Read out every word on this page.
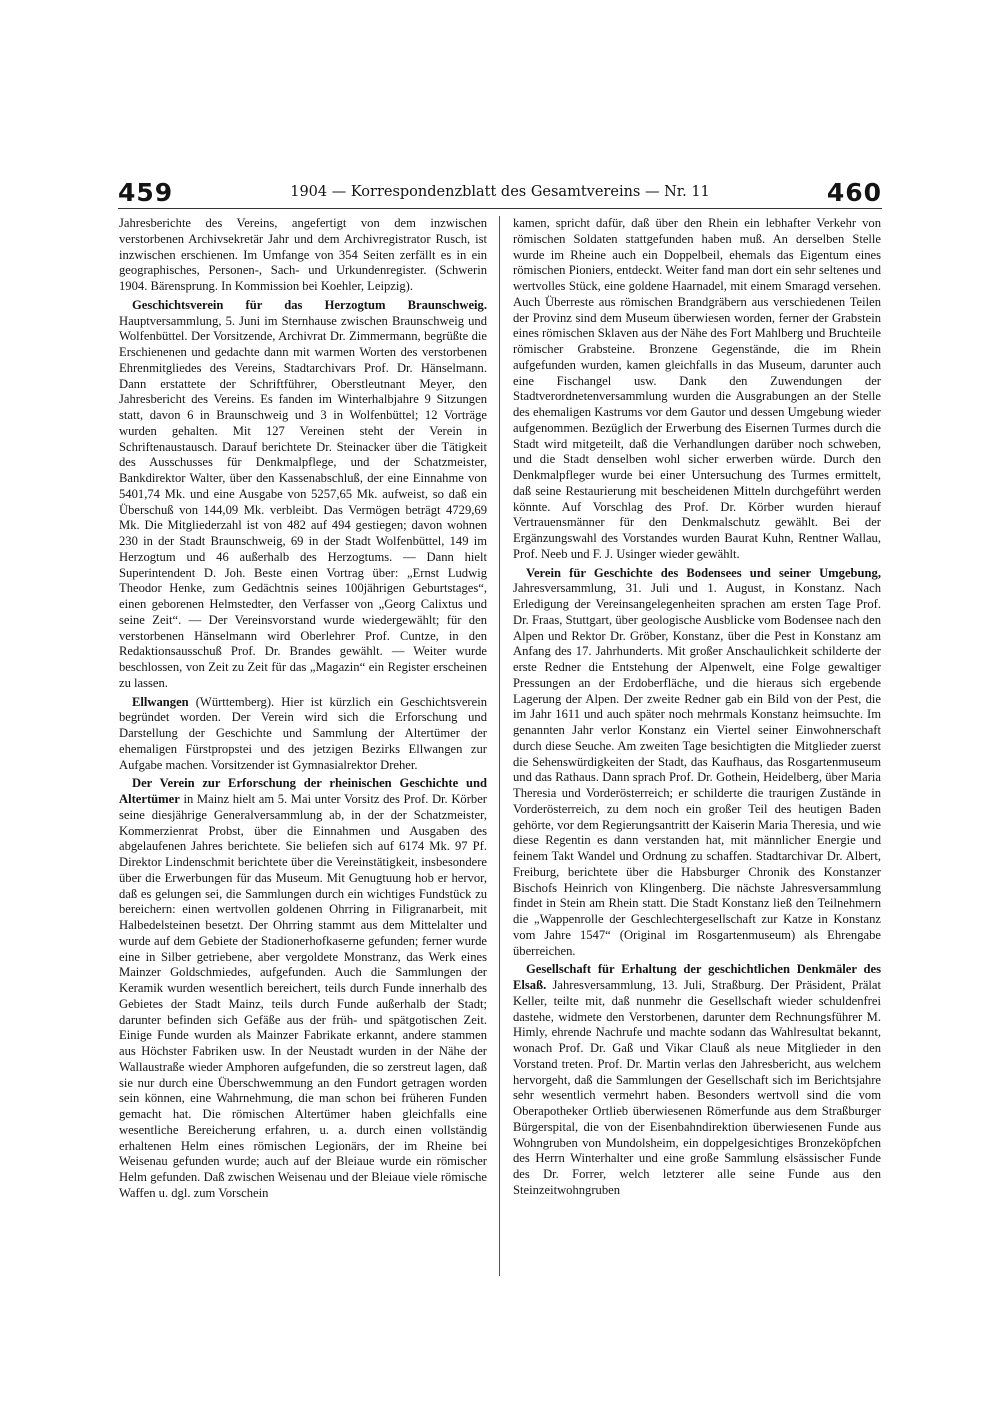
459	1904 — Korrespondenzblatt des Gesamtvereins — Nr. 11	460

Jahresberichte des Vereins, angefertigt von dem inzwischen verstorbenen Archivsekretär Jahr und dem Archivregistrator Rusch, ist inzwischen erschienen. Im Umfange von 354 Seiten zerfällt es in ein geographisches, Personen-, Sach- und Urkundenregister. (Schwerin 1904. Bärensprung. In Kommission bei Koehler, Leipzig).

Geschichtsverein für das Herzogtum Braunschweig. Hauptversammlung, 5. Juni im Sternhause zwischen Braunschweig und Wolfenbüttel. Der Vorsitzende, Archivrat Dr. Zimmermann, begrüßte die Erschienenen und gedachte dann mit warmen Worten des verstorbenen Ehrenmitgliedes des Vereins, Stadtarchivars Prof. Dr. Hänselmann. Dann erstattete der Schriftführer, Oberstleutnant Meyer, den Jahresbericht des Vereins. Es fanden im Winterhalbjahre 9 Sitzungen statt, davon 6 in Braunschweig und 3 in Wolfenbüttel; 12 Vorträge wurden gehalten. Mit 127 Vereinen steht der Verein in Schriftenaustausch. Darauf berichtete Dr. Steinacker über die Tätigkeit des Ausschusses für Denkmalpflege, und der Schatzmeister, Bankdirektor Walter, über den Kassenabschluß, der eine Einnahme von 5401,74 Mk. und eine Ausgabe von 5257,65 Mk. aufweist, so daß ein Überschuß von 144,09 Mk. verbleibt. Das Vermögen beträgt 4729,69 Mk. Die Mitgliederzahl ist von 482 auf 494 gestiegen; davon wohnen 230 in der Stadt Braunschweig, 69 in der Stadt Wolfenbüttel, 149 im Herzogtum und 46 außerhalb des Herzogtums. — Dann hielt Superintendent D. Joh. Beste einen Vortrag über: „Ernst Ludwig Theodor Henke, zum Gedächtnis seines 100jährigen Geburtstages“, einen geborenen Helmstedter, den Verfasser von „Georg Calixtus und seine Zeit“. — Der Vereinsvorstand wurde wiedergewählt; für den verstorbenen Hänselmann wird Oberlehrer Prof. Cuntze, in den Redaktionsausschuß Prof. Dr. Brandes gewählt. — Weiter wurde beschlossen, von Zeit zu Zeit für das „Magazin“ ein Register erscheinen zu lassen.

Ellwangen (Württemberg). Hier ist kürzlich ein Geschichtsverein begründet worden. Der Verein wird sich die Erforschung und Darstellung der Geschichte und Sammlung der Altertümer der ehemaligen Fürstpropstei und des jetzigen Bezirks Ellwangen zur Aufgabe machen. Vorsitzender ist Gymnasialrektor Dreher.

Der Verein zur Erforschung der rheinischen Geschichte und Altertümer in Mainz hielt am 5. Mai unter Vorsitz des Prof. Dr. Körber seine diesjährige Generalversammlung ab, in der der Schatzmeister, Kommerzienrat Probst, über die Einnahmen und Ausgaben des abgelaufenen Jahres berichtete. Sie beliefen sich auf 6174 Mk. 97 Pf. Direktor Lindenschmit berichtete über die Vereinstätigkeit, insbesondere über die Erwerbungen für das Museum. Mit Genugtuung hob er hervor, daß es gelungen sei, die Sammlungen durch ein wichtiges Fundstück zu bereichern: einen wertvollen goldenen Ohrring in Filigranarbeit, mit Halbedelsteinen besetzt. Der Ohrring stammt aus dem Mittelalter und wurde auf dem Gebiete der Stadionerhofkaserne gefunden; ferner wurde eine in Silber getriebene, aber vergoldete Monstranz, das Werk eines Mainzer Goldschmiedes, aufgefunden. Auch die Sammlungen der Keramik wurden wesentlich bereichert, teils durch Funde innerhalb des Gebietes der Stadt Mainz, teils durch Funde außerhalb der Stadt; darunter befinden sich Gefäße aus der früh- und spätgotischen Zeit. Einige Funde wurden als Mainzer Fabrikate erkannt, andere stammen aus Höchster Fabriken usw. In der Neustadt wurden in der Nähe der Wallaustraße wieder Amphoren aufgefunden, die so zerstreut lagen, daß sie nur durch eine Überschwemmung an den Fundort getragen worden sein können, eine Wahrnehmung, die man schon bei früheren Funden gemacht hat. Die römischen Altertümer haben gleichfalls eine wesentliche Bereicherung erfahren, u. a. durch einen vollständig erhaltenen Helm eines römischen Legionärs, der im Rheine bei Weisenau gefunden wurde; auch auf der Bleiaue wurde ein römischer Helm gefunden. Daß zwischen Weisenau und der Bleiaue viele römische Waffen u. dgl. zum Vorschein

kamen, spricht dafür, daß über den Rhein ein lebhafter Verkehr von römischen Soldaten stattgefunden haben muß. An derselben Stelle wurde im Rheine auch ein Doppelbeil, ehemals das Eigentum eines römischen Pioniers, entdeckt. Weiter fand man dort ein sehr seltenes und wertvolles Stück, eine goldene Haarnadel, mit einem Smaragd versehen. Auch Überreste aus römischen Brandgräbern aus verschiedenen Teilen der Provinz sind dem Museum überwiesen worden, ferner der Grabstein eines römischen Sklaven aus der Nähe des Fort Mahlberg und Bruchteile römischer Grabsteine. Bronzene Gegenstände, die im Rhein aufgefunden wurden, kamen gleichfalls in das Museum, darunter auch eine Fischangel usw. Dank den Zuwendungen der Stadtverordnetenversammlung wurden die Ausgrabungen an der Stelle des ehemaligen Kastrums vor dem Gautor und dessen Umgebung wieder aufgenommen. Bezüglich der Erwerbung des Eisernen Turmes durch die Stadt wird mitgeteilt, daß die Verhandlungen darüber noch schweben, und die Stadt denselben wohl sicher erwerben würde. Durch den Denkmalpfleger wurde bei einer Untersuchung des Turmes ermittelt, daß seine Restaurierung mit bescheidenen Mitteln durchgeführt werden könnte. Auf Vorschlag des Prof. Dr. Körber wurden hierauf Vertrauensmänner für den Denkmalschutz gewählt. Bei der Ergänzungswahl des Vorstandes wurden Baurat Kuhn, Rentner Wallau, Prof. Neeb und F. J. Usinger wieder gewählt.

Verein für Geschichte des Bodensees und seiner Umgebung, Jahresversammlung, 31. Juli und 1. August, in Konstanz. Nach Erledigung der Vereinsangelegenheiten sprachen am ersten Tage Prof. Dr. Fraas, Stuttgart, über geologische Ausblicke vom Bodensee nach den Alpen und Rektor Dr. Gröber, Konstanz, über die Pest in Konstanz am Anfang des 17. Jahrhunderts. Mit großer Anschaulichkeit schilderte der erste Redner die Entstehung der Alpenwelt, eine Folge gewaltiger Pressungen an der Erdoberfläche, und die hieraus sich ergebende Lagerung der Alpen. Der zweite Redner gab ein Bild von der Pest, die im Jahr 1611 und auch später noch mehrmals Konstanz heimsuchte. Im genannten Jahr verlor Konstanz ein Viertel seiner Einwohnerschaft durch diese Seuche. Am zweiten Tage besichtigten die Mitglieder zuerst die Sehenswürdigkeiten der Stadt, das Kaufhaus, das Rosgartenmuseum und das Rathaus. Dann sprach Prof. Dr. Gothein, Heidelberg, über Maria Theresia und Vorderösterreich; er schilderte die traurigen Zustände in Vorderösterreich, zu dem noch ein großer Teil des heutigen Baden gehörte, vor dem Regierungsantritt der Kaiserin Maria Theresia, und wie diese Regentin es dann verstanden hat, mit männlicher Energie und feinem Takt Wandel und Ordnung zu schaffen. Stadtarchivar Dr. Albert, Freiburg, berichtete über die Habsburger Chronik des Konstanzer Bischofs Heinrich von Klingenberg. Die nächste Jahresversammlung findet in Stein am Rhein statt. Die Stadt Konstanz ließ den Teilnehmern die „Wappenrolle der Geschlechtergesellschaft zur Katze in Konstanz vom Jahre 1547“ (Original im Rosgartenmuseum) als Ehrengabe überreichen.

Gesellschaft für Erhaltung der geschichtlichen Denkmäler des Elsaß. Jahresversammlung, 13. Juli, Straßburg. Der Präsident, Prälat Keller, teilte mit, daß nunmehr die Gesellschaft wieder schuldenfrei dastehe, widmete den Verstorbenen, darunter dem Rechnungsführer M. Himly, ehrende Nachrufe und machte sodann das Wahlresultat bekannt, wonach Prof. Dr. Gaß und Vikar Clauß als neue Mitglieder in den Vorstand treten. Prof. Dr. Martin verlas den Jahresbericht, aus welchem hervorgeht, daß die Sammlungen der Gesellschaft sich im Berichtsjahre sehr wesentlich vermehrt haben. Besonders wertvoll sind die vom Oberapotheker Ortlieb überwiesenen Römerfunde aus dem Straßburger Bürgerspital, die von der Eisenbahndirektion überwiesenen Funde aus Wohngruben von Mundolsheim, ein doppelgesichtiges Bronzeköpfchen des Herrn Winterhalter und eine große Sammlung elsässischer Funde des Dr. Forrer, welch letzterer alle seine Funde aus den Steinzeitwohngruben
